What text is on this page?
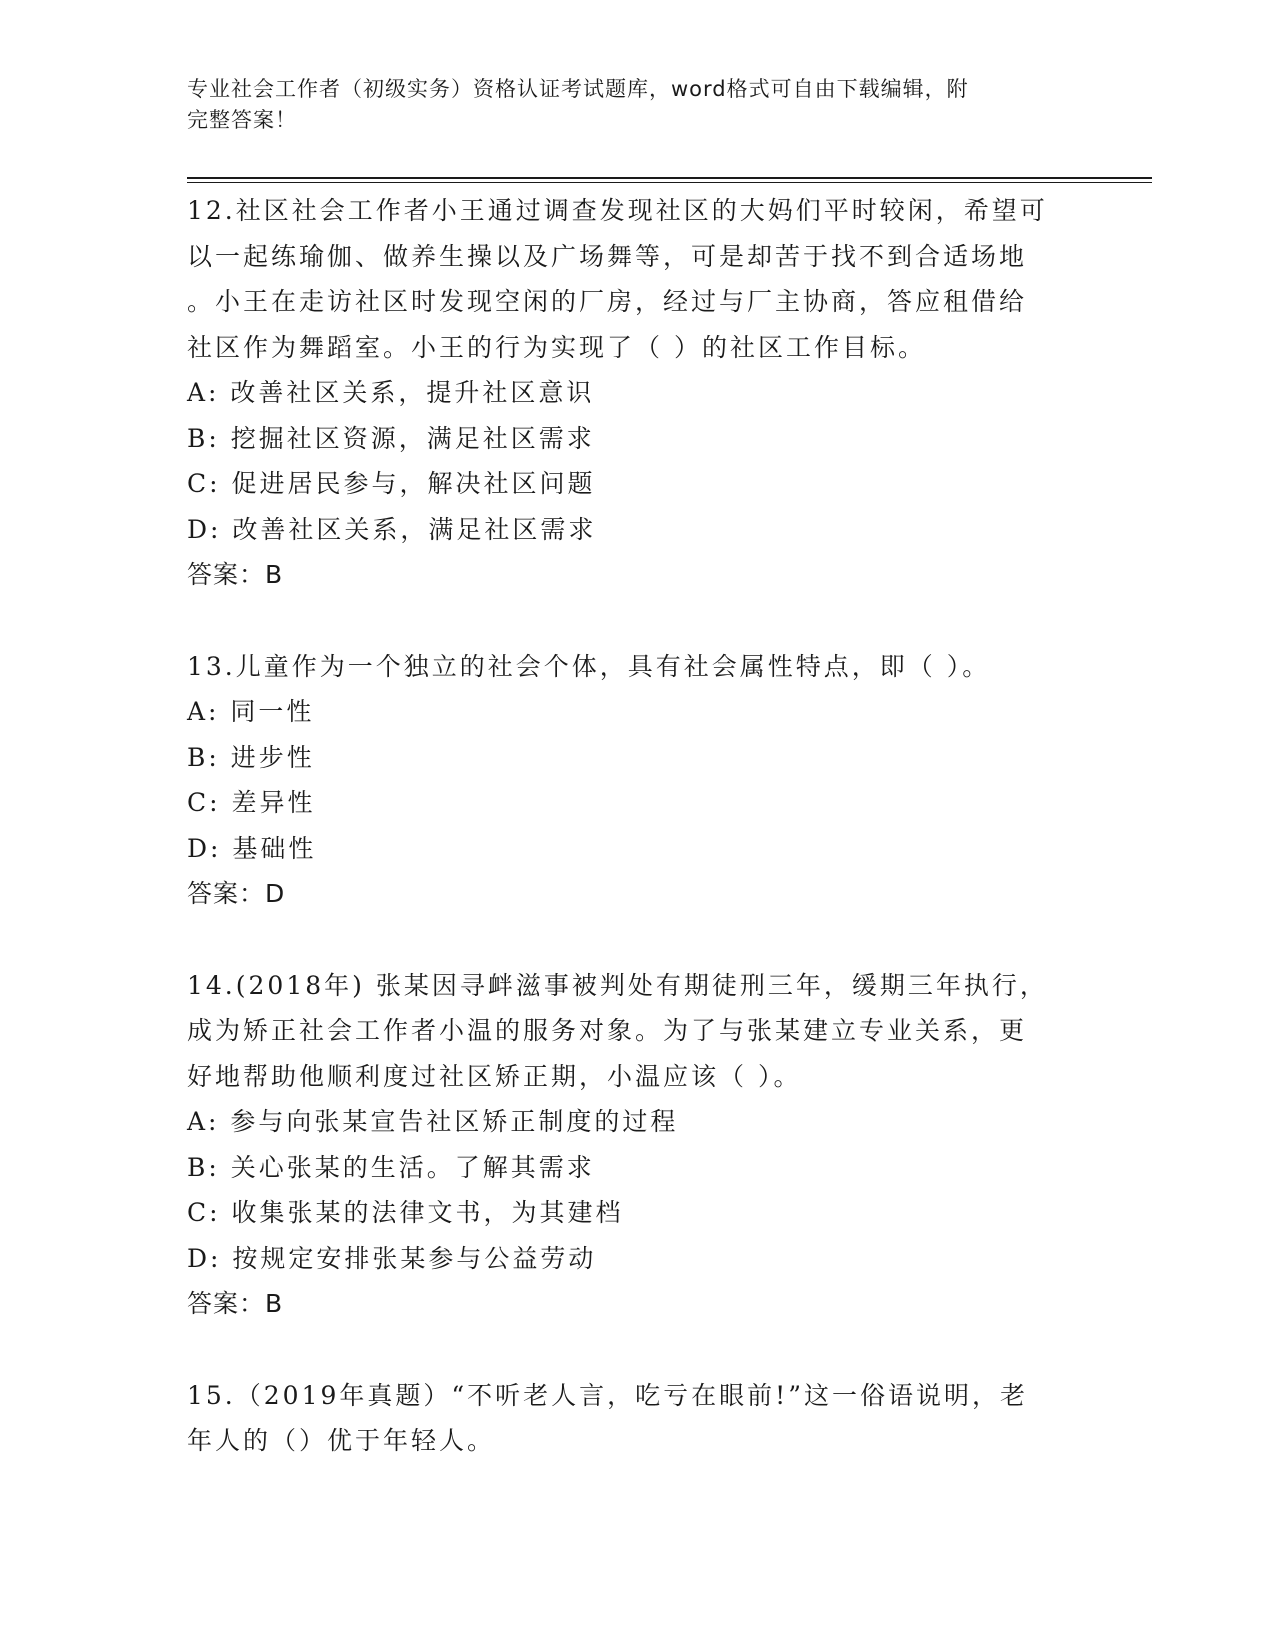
专业社会工作者（初级实务）资格认证考试题库，word格式可自由下载编辑，附
完整答案！
12.社区社会工作者小王通过调查发现社区的大妈们平时较闲，希望可
以一起练瑜伽、做养生操以及广场舞等，可是却苦于找不到合适场地
。小王在走访社区时发现空闲的厂房，经过与厂主协商，答应租借给
社区作为舞蹈室。小王的行为实现了（ ）的社区工作目标。
A: 改善社区关系，提升社区意识
B: 挖掘社区资源，满足社区需求
C: 促进居民参与，解决社区问题
D: 改善社区关系，满足社区需求
答案：B
13.儿童作为一个独立的社会个体，具有社会属性特点，即（ ）。
A: 同一性
B: 进步性
C: 差异性
D: 基础性
答案：D
14.(2018年) 张某因寻衅滋事被判处有期徒刑三年，缓期三年执行，
成为矫正社会工作者小温的服务对象。为了与张某建立专业关系，更
好地帮助他顺利度过社区矫正期，小温应该（ ）。
A: 参与向张某宣告社区矫正制度的过程
B: 关心张某的生活。了解其需求
C: 收集张某的法律文书，为其建档
D: 按规定安排张某参与公益劳动
答案：B
15.（2019年真题）“不听老人言，吃亏在眼前!”这一俗语说明，老
年人的（）优于年轻人。
